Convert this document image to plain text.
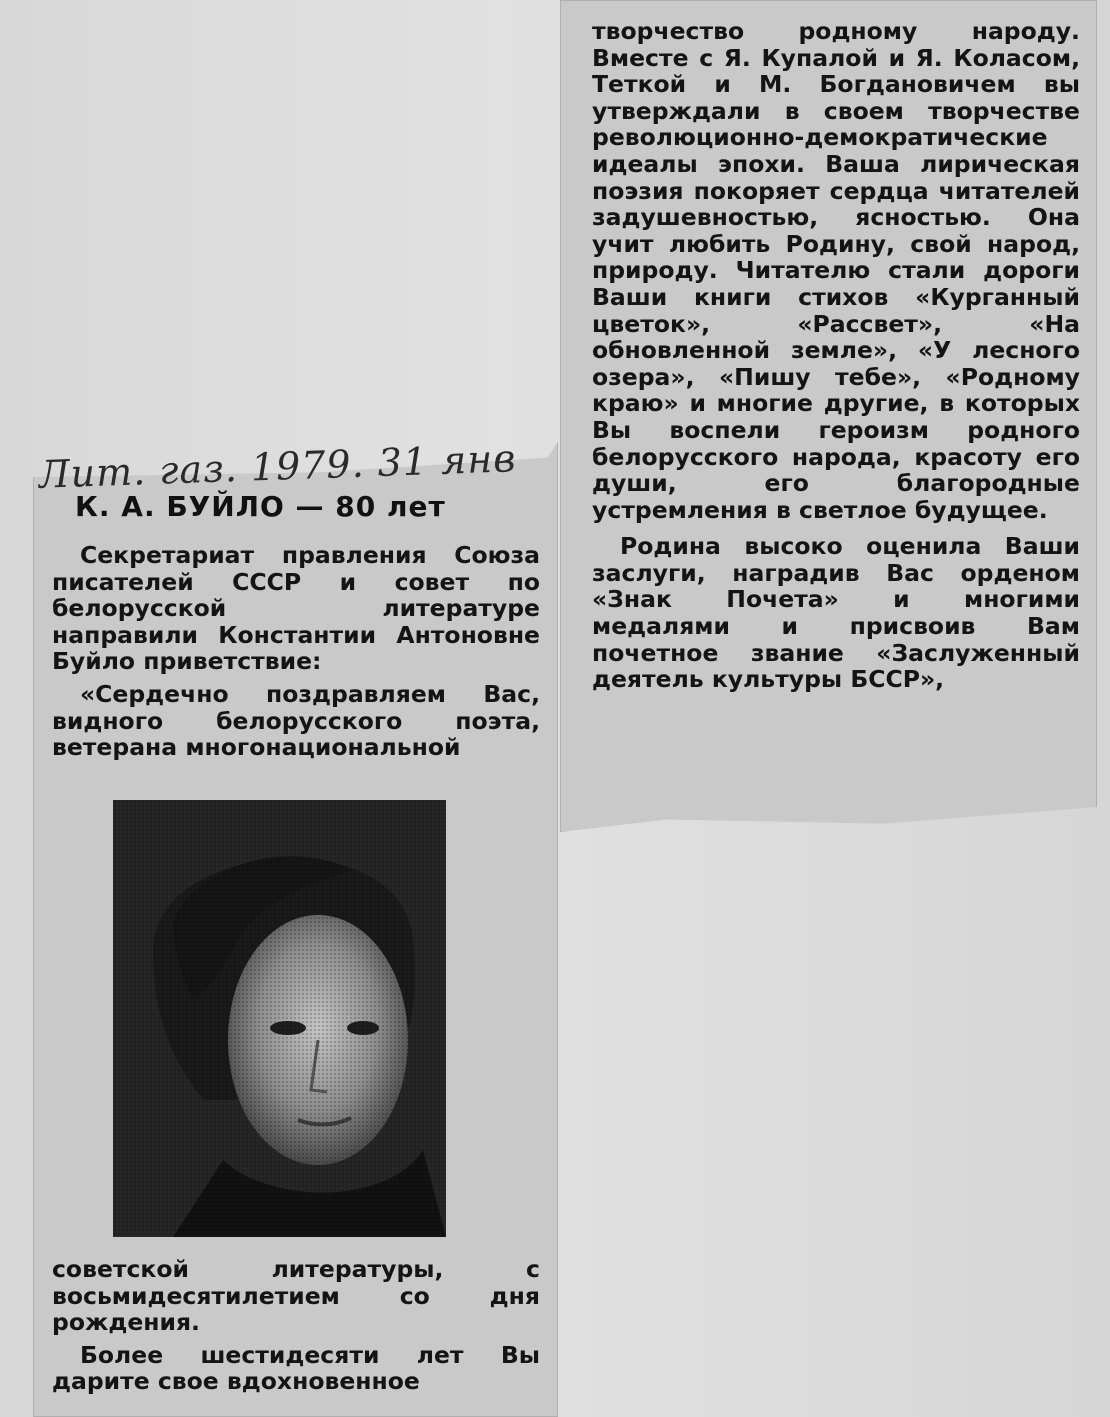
творчество родному народу. Вместе с Я. Купалой и Я. Коласом, Теткой и М. Богдановичем вы утверждали в своем творчестве революционно-демократические идеалы эпохи. Ваша лирическая поэзия покоряет сердца читателей задушевностью, ясностью. Она учит любить Родину, свой народ, природу. Читателю стали дороги Ваши книги стихов «Курганный цветок», «Рассвет», «На обновленной земле», «У лесного озера», «Пишу тебе», «Родному краю» и многие другие, в которых Вы воспели героизм родного белорусского народа, красоту его души, его благородные устремления в светлое будущее.

Родина высоко оценила Ваши заслуги, наградив Вас орденом «Знак Почета» и многими медалями и присвоив Вам почетное звание «Заслуженный деятель культуры БССР»,

Лит. газ. 1979. 31 янв
К. А. БУЙЛО — 80 лет

Секретариат правления Союза писателей СССР и совет по белорусской литературе направили Константии Антоновне Буйло приветствие:

«Сердечно поздравляем Вас, видного белорусского поэта, ветерана многонациональной

советской литературы, с восьмидесятилетием со дня рождения.

Более шестидесяти лет Вы дарите свое вдохновенное
